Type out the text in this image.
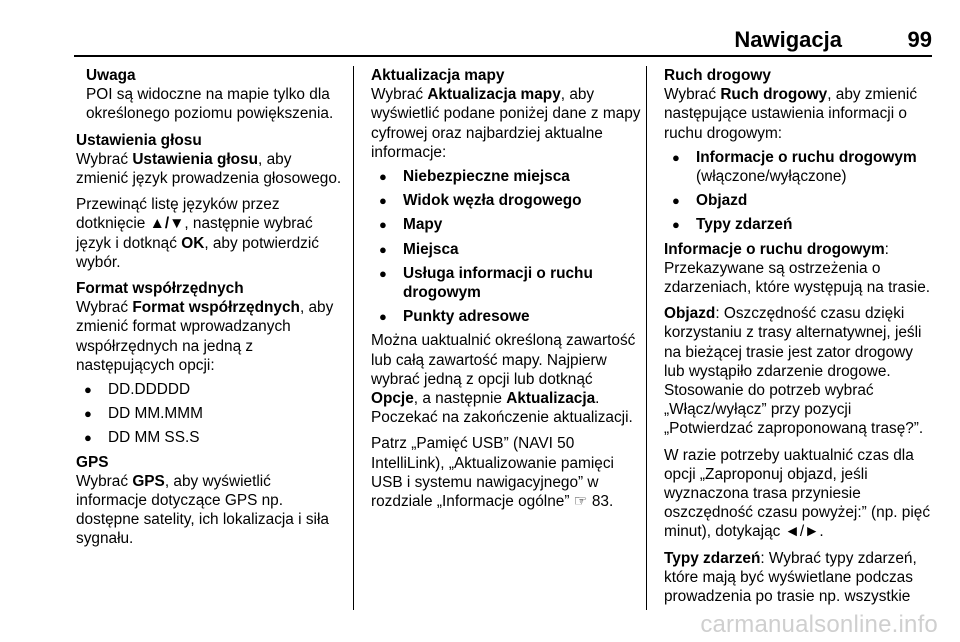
Nawigacja	99
Uwaga
POI są widoczne na mapie tylko dla określonego poziomu powiększenia.
Ustawienia głosu

Wybrać Ustawienia głosu, aby zmienić język prowadzenia głosowego.

Przewinąć listę języków przez dotknięcie ▲/▼, następnie wybrać język i dotknąć OK, aby potwierdzić wybór.

Format współrzędnych

Wybrać Format współrzędnych, aby zmienić format wprowadzanych współrzędnych na jedną z następujących opcji:

● DD.DDDDD
● DD MM.MMM
● DD MM SS.S
GPS

Wybrać GPS, aby wyświetlić informacje dotyczące GPS np. dostępne satelity, ich lokalizacja i siła sygnału.

Aktualizacja mapy

Wybrać Aktualizacja mapy, aby wyświetlić podane poniżej dane z mapy cyfrowej oraz najbardziej aktualne informacje:

● Niebezpieczne miejsca
● Widok węzła drogowego
● Mapy
● Miejsca
● Usługa informacji o ruchu drogowym
● Punkty adresowe

Można uaktualnić określoną zawartość lub całą zawartość mapy. Najpierw wybrać jedną z opcji lub dotknąć Opcje, a następnie Aktualizacja. Poczekać na zakończenie aktualizacji.

Patrz „Pamięć USB” (NAVI 50 IntelliLink), „Aktualizowanie pamięci USB i systemu nawigacyjnego” w rozdziale „Informacje ogólne” ☞ 83.

Ruch drogowy

Wybrać Ruch drogowy, aby zmienić następujące ustawienia informacji o ruchu drogowym:

● Informacje o ruchu drogowym
(włączone/wyłączone)
● Objazd
● Typy zdarzeń

Informacje o ruchu drogowym: Przekazywane są ostrzeżenia o zdarzeniach, które występują na trasie.

Objazd: Oszczędność czasu dzięki korzystaniu z trasy alternatywnej, jeśli na bieżącej trasie jest zator drogowy lub wystąpiło zdarzenie drogowe. Stosowanie do potrzeb wybrać „Włącz/wyłącz” przy pozycji „Potwierdzać zaproponowaną trasę?”.

W razie potrzeby uaktualnić czas dla opcji „Zaproponuj objazd, jeśli wyznaczona trasa przyniesie oszczędność czasu powyżej:” (np. pięć minut), dotykając ◄/►.

Typy zdarzeń: Wybrać typy zdarzeń, które mają być wyświetlane podczas prowadzenia po trasie np. wszystkie

carmanualsonline.info
